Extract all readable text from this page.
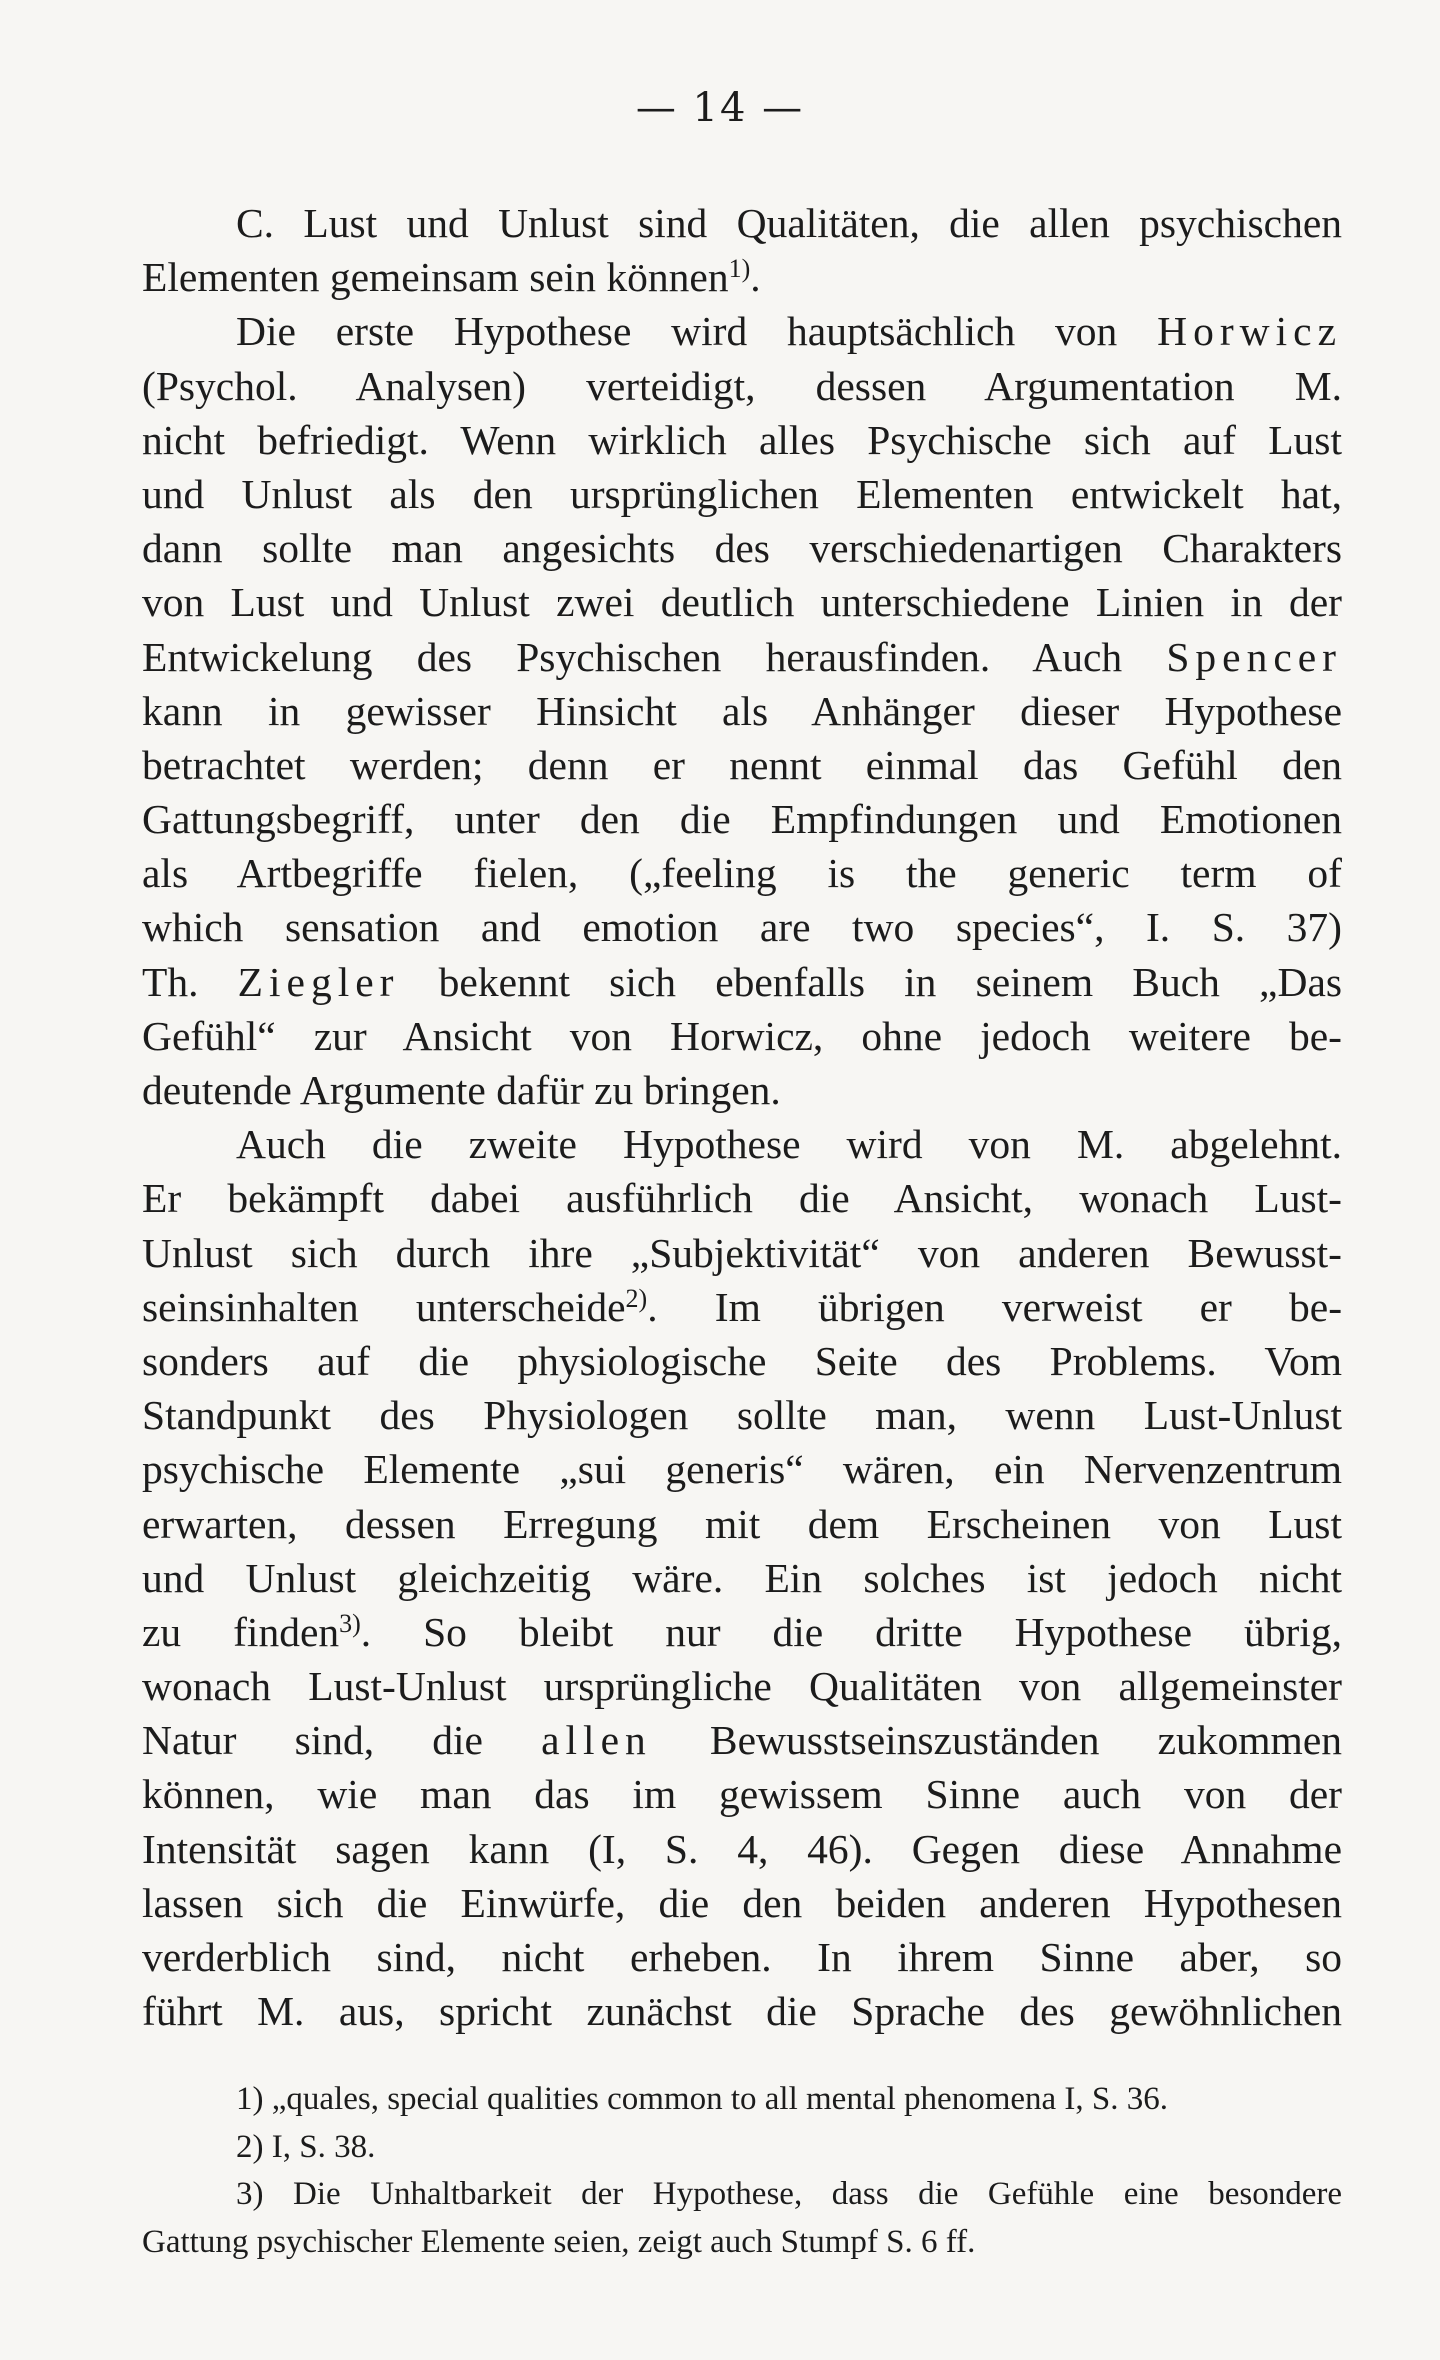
— 14 —
C. Lust und Unlust sind Qualitäten, die allen psychischen
Elementen gemeinsam sein können$^{1)}$.
Die erste Hypothese wird hauptsächlich von Horwicz
(Psychol. Analysen) verteidigt, dessen Argumentation M.
nicht befriedigt. Wenn wirklich alles Psychische sich auf Lust
und Unlust als den ursprünglichen Elementen entwickelt hat,
dann sollte man angesichts des verschiedenartigen Charakters
von Lust und Unlust zwei deutlich unterschiedene Linien in der
Entwickelung des Psychischen herausfinden. Auch Spencer
kann in gewisser Hinsicht als Anhänger dieser Hypothese
betrachtet werden; denn er nennt einmal das Gefühl den
Gattungsbegriff, unter den die Empfindungen und Emotionen
als Artbegriffe fielen, („feeling is the generic term of
which sensation and emotion are two species“, I. S. 37)
Th. Ziegler bekennt sich ebenfalls in seinem Buch „Das
Gefühl“ zur Ansicht von Horwicz, ohne jedoch weitere be-
deutende Argumente dafür zu bringen.
Auch die zweite Hypothese wird von M. abgelehnt.
Er bekämpft dabei ausführlich die Ansicht, wonach Lust-
Unlust sich durch ihre „Subjektivität“ von anderen Bewusst-
seinsinhalten unterscheide$^{2)}$. Im übrigen verweist er be-
sonders auf die physiologische Seite des Problems. Vom
Standpunkt des Physiologen sollte man, wenn Lust-Unlust
psychische Elemente „sui generis“ wären, ein Nervenzentrum
erwarten, dessen Erregung mit dem Erscheinen von Lust
und Unlust gleichzeitig wäre. Ein solches ist jedoch nicht
zu finden$^{3)}$. So bleibt nur die dritte Hypothese übrig,
wonach Lust-Unlust ursprüngliche Qualitäten von allgemeinster
Natur sind, die allen Bewusstseinszuständen zukommen
können, wie man das im gewissem Sinne auch von der
Intensität sagen kann (I, S. 4, 46). Gegen diese Annahme
lassen sich die Einwürfe, die den beiden anderen Hypothesen
verderblich sind, nicht erheben. In ihrem Sinne aber, so
führt M. aus, spricht zunächst die Sprache des gewöhnlichen
1) „quales, special qualities common to all mental phenomena I, S. 36.
2) I, S. 38.
3) Die Unhaltbarkeit der Hypothese, dass die Gefühle eine besondere
Gattung psychischer Elemente seien, zeigt auch Stumpf S. 6 ff.
